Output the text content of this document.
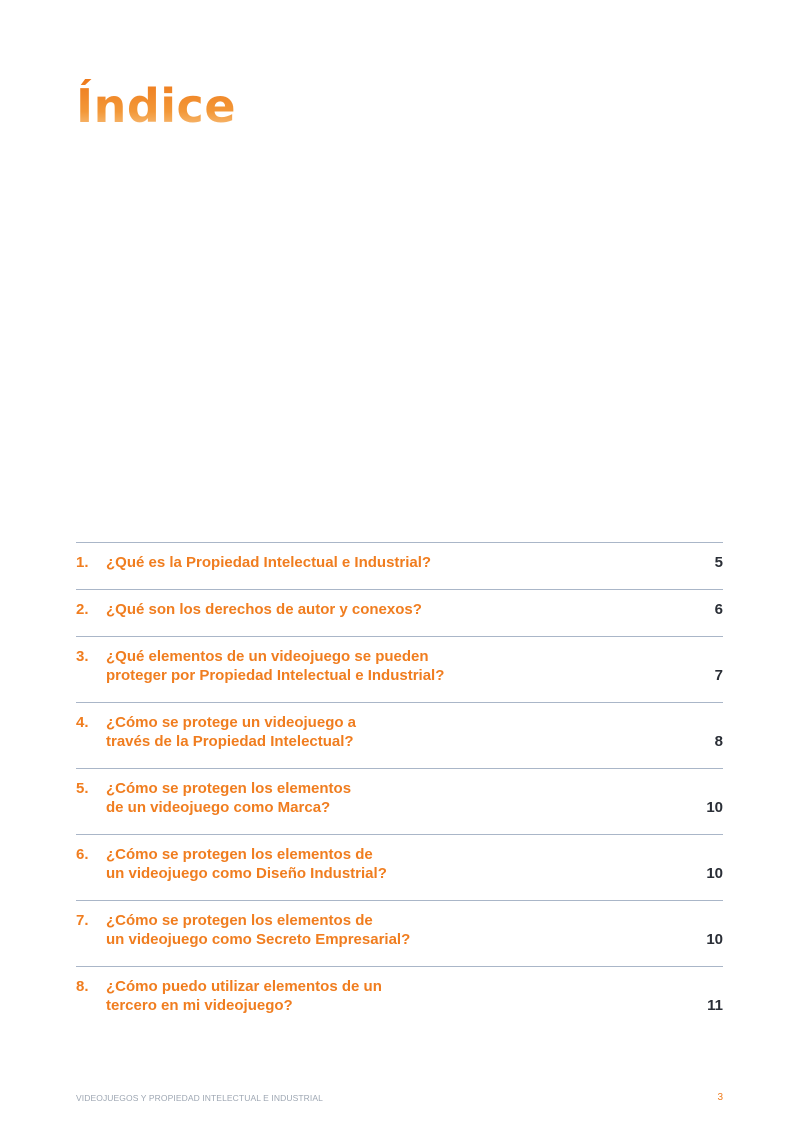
Índice
1. ¿Qué es la Propiedad Intelectual e Industrial?	5
2. ¿Qué son los derechos de autor y conexos?	6
3. ¿Qué elementos de un videojuego se pueden
proteger por Propiedad Intelectual e Industrial?	7
4. ¿Cómo se protege un videojuego a
través de la Propiedad Intelectual?	8
5. ¿Cómo se protegen los elementos
de un videojuego como Marca?	10
6. ¿Cómo se protegen los elementos de
un videojuego como Diseño Industrial?	10
7. ¿Cómo se protegen los elementos de
un videojuego como Secreto Empresarial?	10
8. ¿Cómo puedo utilizar elementos de un
tercero en mi videojuego?	11
VIDEOJUEGOS Y PROPIEDAD INTELECTUAL E INDUSTRIAL	3
